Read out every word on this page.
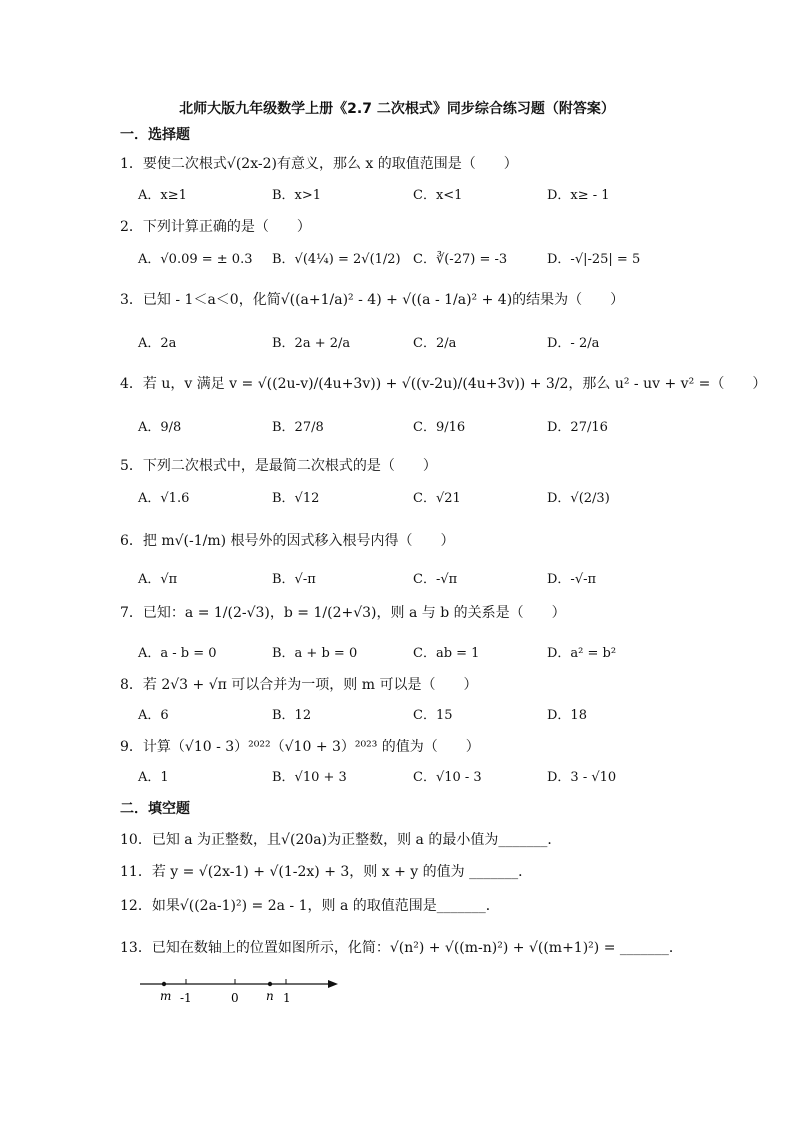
北师大版九年级数学上册《2.7 二次根式》同步综合练习题（附答案）
一．选择题
1．要使二次根式√(2x-2)有意义，那么 x 的取值范围是（　　）
2．下列计算正确的是（　　）
3．已知 - 1＜a＜0，化简√((a+1/a)² - 4) + √((a - 1/a)² + 4)的结果为（　　）
4．若 u，v 满足 v = √((2u-v)/(4u+3v)) + √((v-2u)/(4u+3v)) + 3/2，那么 u² - uv + v² =（　　）
5．下列二次根式中，是最简二次根式的是（　　）
6．把 m√(-1/m) 根号外的因式移入根号内得（　　）
7．已知：a = 1/(2-√3)，b = 1/(2+√3)，则 a 与 b 的关系是（　　）
8．若 2√3 + √π 可以合并为一项，则 m 可以是（　　）
9．计算（√10 - 3）²⁰²²（√10 + 3）²⁰²³ 的值为（　　）
二．填空题
10．已知 a 为正整数，且√(20a)为正整数，则 a 的最小值为_______．
11．若 y = √(2x-1) + √(1-2x) + 3，则 x + y 的值为 _______．
12．如果√((2a-1)²) = 2a - 1，则 a 的取值范围是_______．
13．已知在数轴上的位置如图所示，化简：√(n²) + √((m-n)²) + √((m+1)²) = _______．
A．x≥1	B．x>1	C．x<1	D．x≥ - 1
A．√0.09 = ± 0.3 B．√(4¼) = 2√(1/2) C．∛(-27) = -3	D．-√|-25| = 5
A．2a	B．2a + 2/a	C．2/a	D．- 2/a
A．9/8	B．27/8	C．9/16	D．27/16
A．√1.6	B．√12	C．√21	D．√(2/3)
A．√π	B．√-π	C．-√π	D．-√-π
A．a - b = 0	B．a + b = 0	C．ab = 1	D．a² = b²
A．6	B．12	C．15	D．18
A．1	B．√10 + 3	C．√10 - 3	D．3 - √10
m -1	0 n 1
